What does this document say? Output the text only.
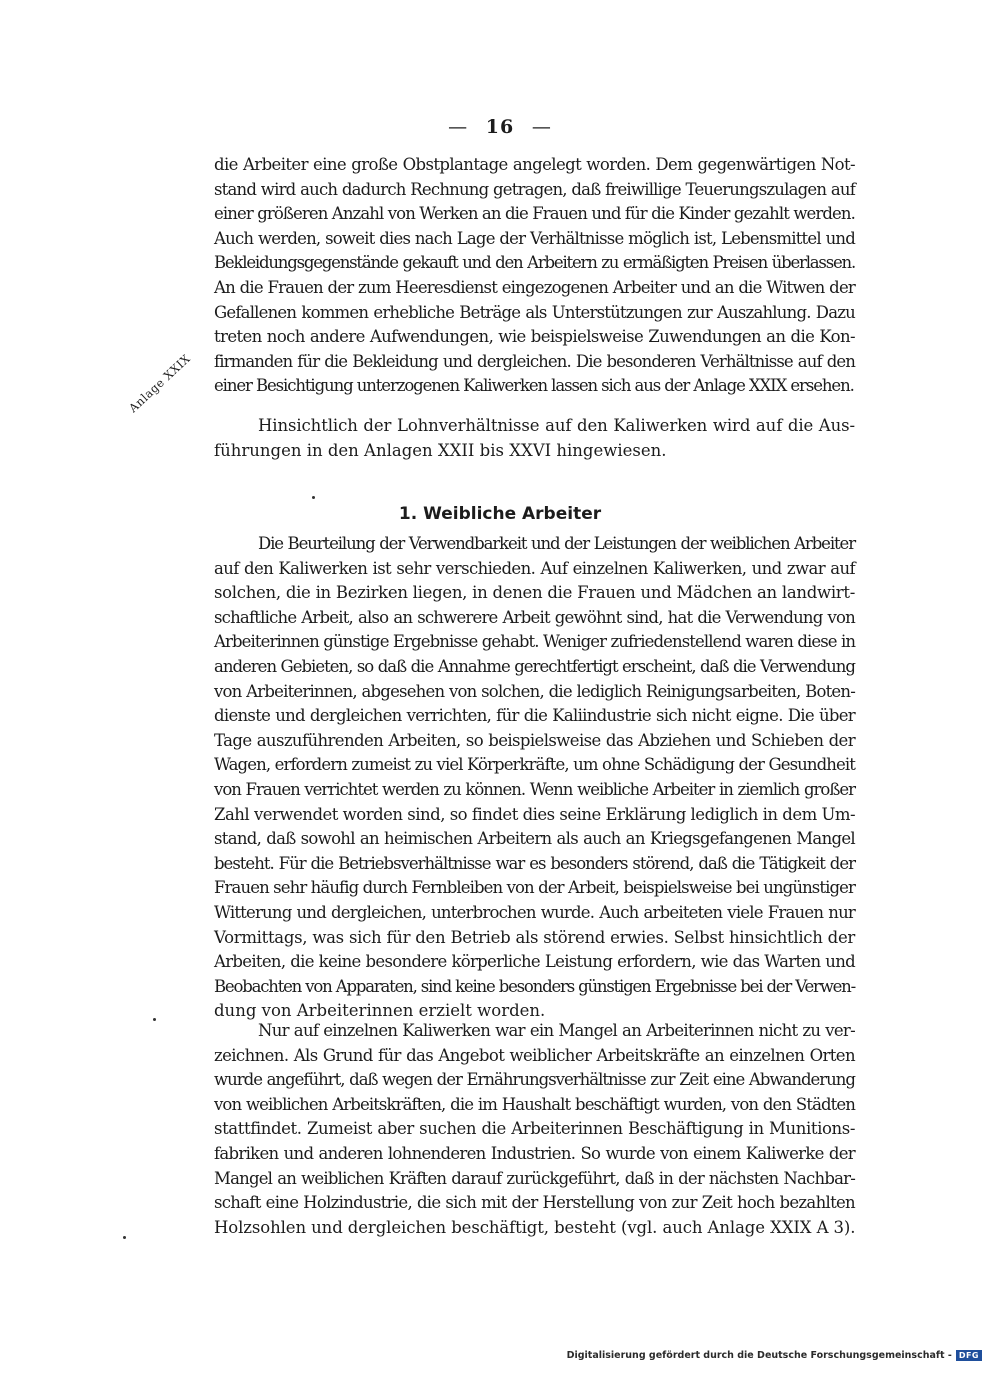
— 16 —
die Arbeiter eine große Obstplantage angelegt worden. Dem gegenwärtigen Not-
stand wird auch dadurch Rechnung getragen, daß freiwillige Teuerungszulagen auf
einer größeren Anzahl von Werken an die Frauen und für die Kinder gezahlt werden.
Auch werden, soweit dies nach Lage der Verhältnisse möglich ist, Lebensmittel und
Bekleidungsgegenstände gekauft und den Arbeitern zu ermäßigten Preisen überlassen.
An die Frauen der zum Heeresdienst eingezogenen Arbeiter und an die Witwen der
Gefallenen kommen erhebliche Beträge als Unterstützungen zur Auszahlung. Dazu
treten noch andere Aufwendungen, wie beispielsweise Zuwendungen an die Kon-
firmanden für die Bekleidung und dergleichen. Die besonderen Verhältnisse auf den
einer Besichtigung unterzogenen Kaliwerken lassen sich aus der Anlage XXIX ersehen.
Anlage XXIX
Hinsichtlich der Lohnverhältnisse auf den Kaliwerken wird auf die Aus-
führungen in den Anlagen XXII bis XXVI hingewiesen.
1. Weibliche Arbeiter
Die Beurteilung der Verwendbarkeit und der Leistungen der weiblichen Arbeiter
auf den Kaliwerken ist sehr verschieden. Auf einzelnen Kaliwerken, und zwar auf
solchen, die in Bezirken liegen, in denen die Frauen und Mädchen an landwirt-
schaftliche Arbeit, also an schwerere Arbeit gewöhnt sind, hat die Verwendung von
Arbeiterinnen günstige Ergebnisse gehabt. Weniger zufriedenstellend waren diese in
anderen Gebieten, so daß die Annahme gerechtfertigt erscheint, daß die Verwendung
von Arbeiterinnen, abgesehen von solchen, die lediglich Reinigungsarbeiten, Boten-
dienste und dergleichen verrichten, für die Kaliindustrie sich nicht eigne. Die über
Tage auszuführenden Arbeiten, so beispielsweise das Abziehen und Schieben der
Wagen, erfordern zumeist zu viel Körperkräfte, um ohne Schädigung der Gesundheit
von Frauen verrichtet werden zu können. Wenn weibliche Arbeiter in ziemlich großer
Zahl verwendet worden sind, so findet dies seine Erklärung lediglich in dem Um-
stand, daß sowohl an heimischen Arbeitern als auch an Kriegsgefangenen Mangel
besteht. Für die Betriebsverhältnisse war es besonders störend, daß die Tätigkeit der
Frauen sehr häufig durch Fernbleiben von der Arbeit, beispielsweise bei ungünstiger
Witterung und dergleichen, unterbrochen wurde. Auch arbeiteten viele Frauen nur
Vormittags, was sich für den Betrieb als störend erwies. Selbst hinsichtlich der
Arbeiten, die keine besondere körperliche Leistung erfordern, wie das Warten und
Beobachten von Apparaten, sind keine besonders günstigen Ergebnisse bei der Verwen-
dung von Arbeiterinnen erzielt worden.
Nur auf einzelnen Kaliwerken war ein Mangel an Arbeiterinnen nicht zu ver-
zeichnen. Als Grund für das Angebot weiblicher Arbeitskräfte an einzelnen Orten
wurde angeführt, daß wegen der Ernährungsverhältnisse zur Zeit eine Abwanderung
von weiblichen Arbeitskräften, die im Haushalt beschäftigt wurden, von den Städten
stattfindet. Zumeist aber suchen die Arbeiterinnen Beschäftigung in Munitions-
fabriken und anderen lohnenderen Industrien. So wurde von einem Kaliwerke der
Mangel an weiblichen Kräften darauf zurückgeführt, daß in der nächsten Nachbar-
schaft eine Holzindustrie, die sich mit der Herstellung von zur Zeit hoch bezahlten
Holzsohlen und dergleichen beschäftigt, besteht (vgl. auch Anlage XXIX A 3).
Digitalisierung gefördert durch die Deutsche Forschungsgemeinschaft - DFG
